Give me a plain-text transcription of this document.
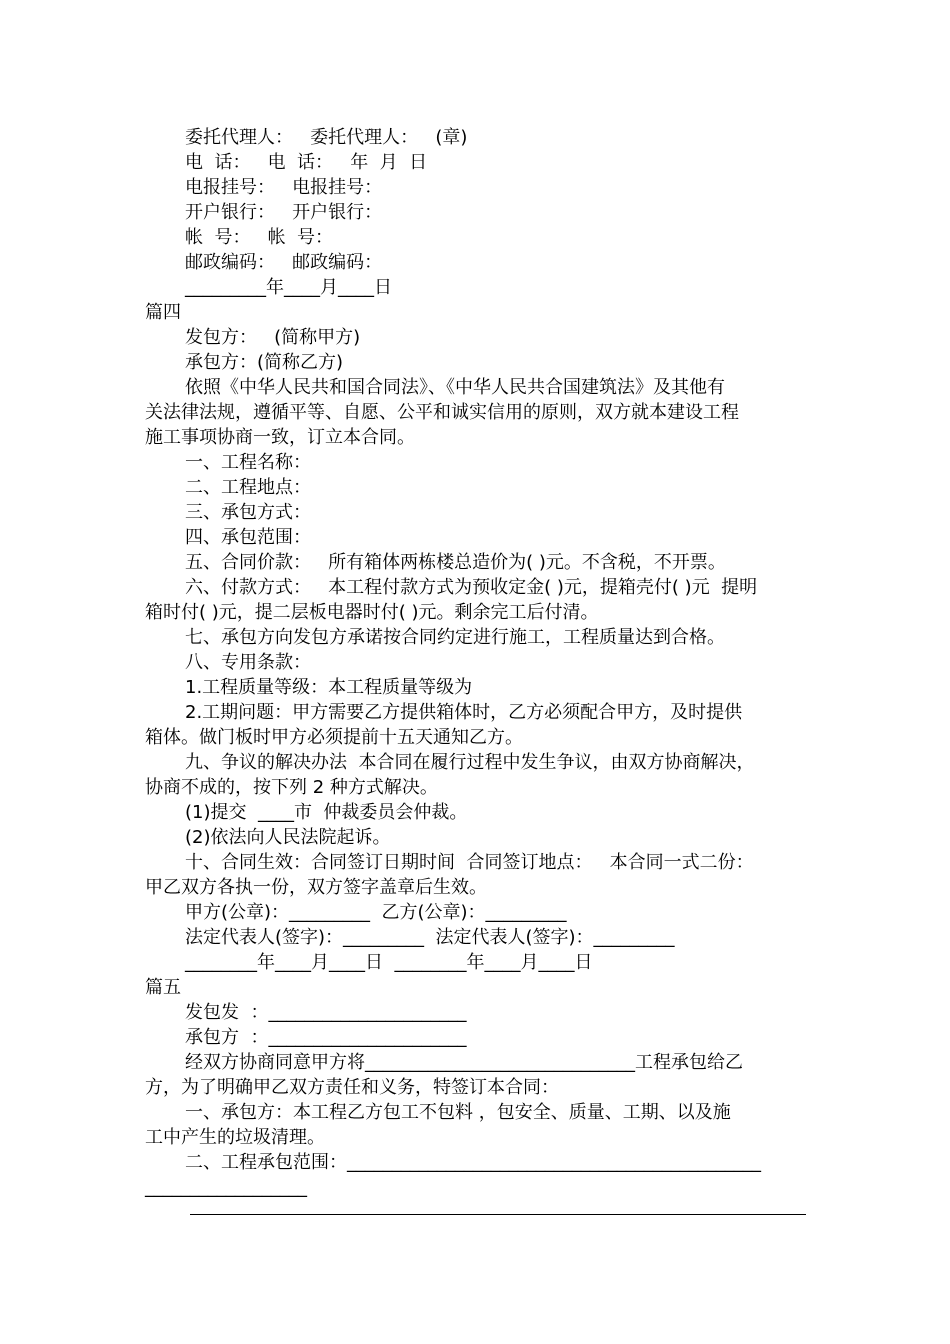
委托代理人：   委托代理人：   (章)
电  话：   电  话：   年  月  日
电报挂号：   电报挂号：
开户银行：   开户银行：
帐  号：   帐  号：
邮政编码：   邮政编码：
_________年____月____日
篇四
发包方：   (简称甲方)
承包方：(简称乙方)
依照《中华人民共和国合同法》、《中华人民共合国建筑法》及其他有
关法律法规，遵循平等、自愿、公平和诚实信用的原则，双方就本建设工程
施工事项协商一致，订立本合同。
一、工程名称：
二、工程地点：
三、承包方式：
四、承包范围：
五、合同价款：   所有箱体两栋楼总造价为( )元。不含税，不开票。
六、付款方式：   本工程付款方式为预收定金( )元，提箱壳付( )元  提明
箱时付( )元，提二层板电器时付( )元。剩余完工后付清。
七、承包方向发包方承诺按合同约定进行施工，工程质量达到合格。
八、专用条款：
1.工程质量等级：本工程质量等级为
2.工期问题：甲方需要乙方提供箱体时，乙方必须配合甲方，及时提供
箱体。做门板时甲方必须提前十五天通知乙方。
九、争议的解决办法  本合同在履行过程中发生争议，由双方协商解决，
协商不成的，按下列 2 种方式解决。
(1)提交  ____市  仲裁委员会仲裁。
(2)依法向人民法院起诉。
十、合同生效：合同签订日期时间  合同签订地点：   本合同一式二份：
甲乙双方各执一份，双方签字盖章后生效。
甲方(公章)：_________  乙方(公章)：_________
法定代表人(签字)：_________  法定代表人(签字)：_________
________年____月____日  ________年____月____日
篇五
发包发  ：______________________
承包方  ：______________________
经双方协商同意甲方将______________________________工程承包给乙
方，为了明确甲乙双方责任和义务，特签订本合同：
一、承包方：本工程乙方包工不包料 ，包安全、质量、工期、以及施
工中产生的垃圾清理。
二、工程承包范围：______________________________________________
__________________
